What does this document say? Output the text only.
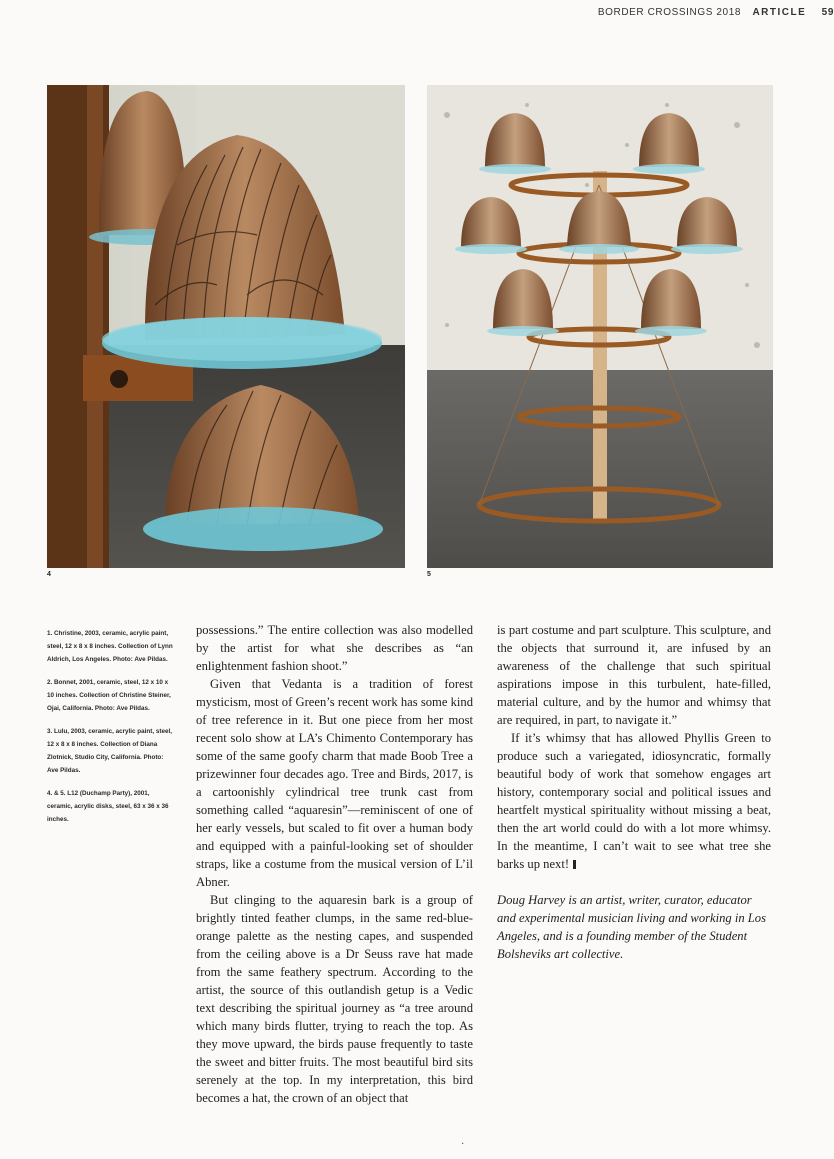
BORDER CROSSINGS 2018 ARTICLE 59
4	5

1. Christine, 2003, ceramic, acrylic paint, steel, 12 x 8 x 8 inches. Collection of Lynn Aldrich, Los Angeles. Photo: Ave Pildas.

2. Bonnet, 2001, ceramic, steel, 12 x 10 x 10 inches. Collection of Christine Steiner, Ojai, California. Photo: Ave Pildas.

3. Lulu, 2003, ceramic, acrylic paint, steel, 12 x 8 x 8 inches. Collection of Diana Zlotnick, Studio City, California. Photo: Ave Pildas.

4. & 5. L12 (Duchamp Party), 2001, ceramic, acrylic disks, steel, 63 x 36 x 36 inches.

possessions.” The entire collection was also modelled by the artist for what she describes as “an enlightenment fashion shoot.”

Given that Vedanta is a tradition of forest mysticism, most of Green’s recent work has some kind of tree reference in it. But one piece from her most recent solo show at LA’s Chimento Contemporary has some of the same goofy charm that made Boob Tree a prizewinner four decades ago. Tree and Birds, 2017, is a cartoonishly cylindrical tree trunk cast from something called “aquaresin”—reminiscent of one of her early vessels, but scaled to fit over a human body and equipped with a painful-looking set of shoulder straps, like a costume from the musical version of L’il Abner.

But clinging to the aquaresin bark is a group of brightly tinted feather clumps, in the same red-blue-orange palette as the nesting capes, and suspended from the ceiling above is a Dr Seuss rave hat made from the same feathery spectrum. According to the artist, the source of this outlandish getup is a Vedic text describing the spiritual journey as “a tree around which many birds flutter, trying to reach the top. As they move upward, the birds pause frequently to taste the sweet and bitter fruits. The most beautiful bird sits serenely at the top. In my interpretation, this bird becomes a hat, the crown of an object that

is part costume and part sculpture. This sculpture, and the objects that surround it, are infused by an awareness of the challenge that such spiritual aspirations impose in this turbulent, hate-filled, material culture, and by the humor and whimsy that are required, in part, to navigate it.”

If it’s whimsy that has allowed Phyllis Green to produce such a variegated, idiosyncratic, formally beautiful body of work that somehow engages art history, contemporary social and political issues and heartfelt mystical spirituality without missing a beat, then the art world could do with a lot more whimsy. In the meantime, I can’t wait to see what tree she barks up next!

Doug Harvey is an artist, writer, curator, educator and experimental musician living and working in Los Angeles, and is a founding member of the Student Bolsheviks art collective.

·
